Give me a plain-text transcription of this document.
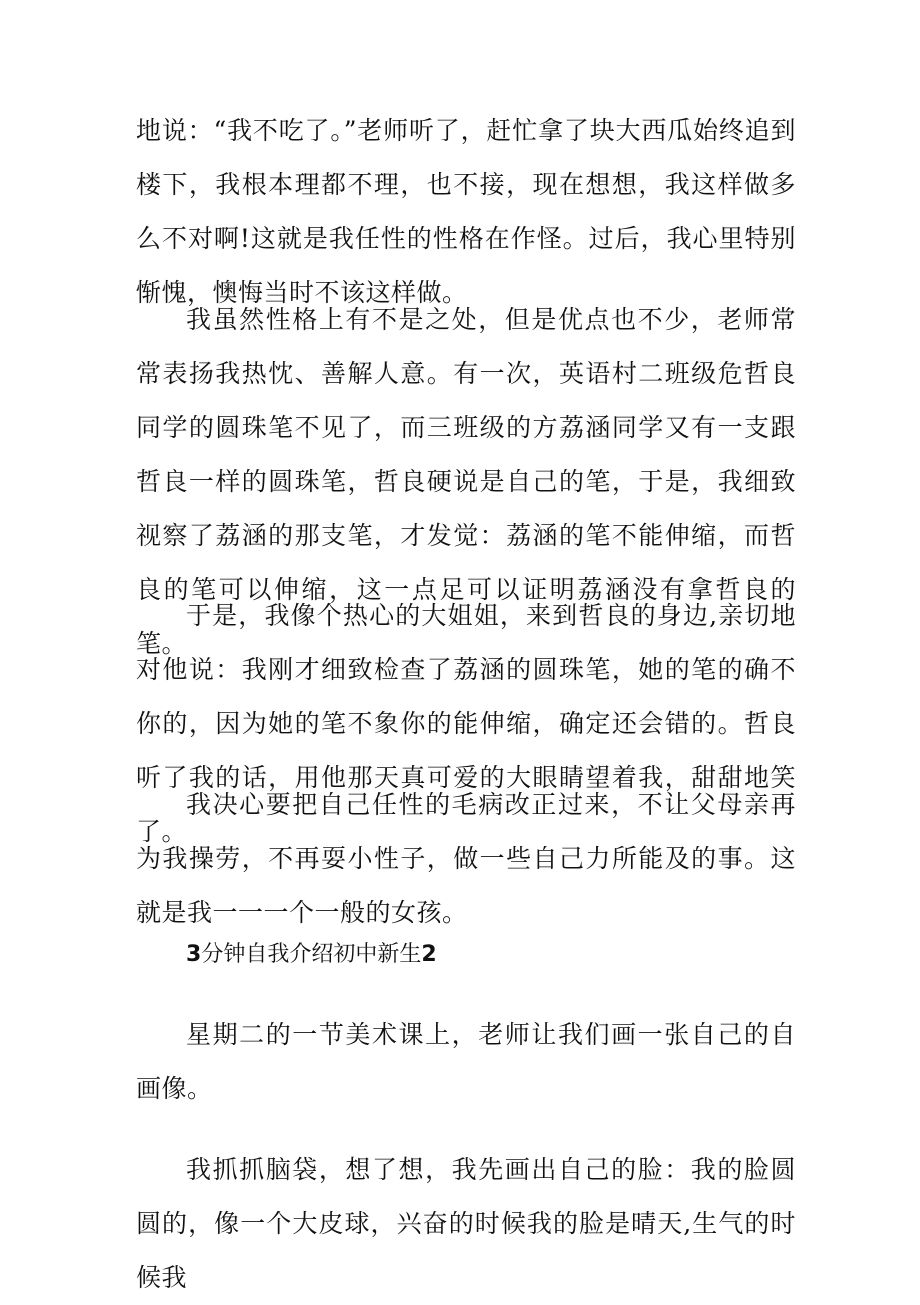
地说：“我不吃了。”老师听了，赶忙拿了块大西瓜始终追到楼下，我根本理都不理，也不接，现在想想，我这样做多么不对啊!这就是我任性的性格在作怪。过后，我心里特别惭愧，懊悔当时不该这样做。

我虽然性格上有不是之处，但是优点也不少，老师常常表扬我热忱、善解人意。有一次，英语村二班级危哲良同学的圆珠笔不见了，而三班级的方荔涵同学又有一支跟哲良一样的圆珠笔，哲良硬说是自己的笔，于是，我细致视察了荔涵的那支笔，才发觉：荔涵的笔不能伸缩，而哲良的笔可以伸缩，这一点足可以证明荔涵没有拿哲良的笔。

于是，我像个热心的大姐姐，来到哲良的身边,亲切地对他说：我刚才细致检查了荔涵的圆珠笔，她的笔的确不你的，因为她的笔不象你的能伸缩，确定还会错的。哲良听了我的话，用他那天真可爱的大眼睛望着我，甜甜地笑了。

我决心要把自己任性的毛病改正过来，不让父母亲再为我操劳，不再耍小性子，做一些自己力所能及的事。这就是我一一一个一般的女孩。

3分钟自我介绍初中新生2

星期二的一节美术课上，老师让我们画一张自己的自画像。

我抓抓脑袋，想了想，我先画出自己的脸：我的脸圆圆的，像一个大皮球，兴奋的时候我的脸是晴天,生气的时候我
